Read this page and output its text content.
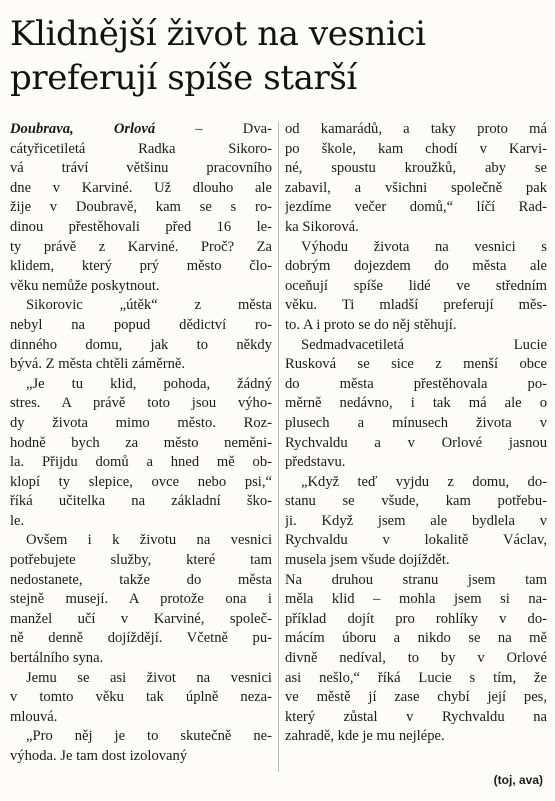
Klidnější život na vesnici
preferují spíše starší
Doubrava, Orlová – Dva-
cátyřicetiletá Radka Sikoro-
vá tráví většinu pracovního
dne v Karviné. Už dlouho ale
žije v Doubravě, kam se s ro-
dinou přestěhovali před 16 le-
ty právě z Karviné. Proč? Za
klidem, který prý město člo-
věku nemůže poskytnout.
Sikorovic „útěk“ z města
nebyl na popud dědictví ro-
dinného domu, jak to někdy
bývá. Z města chtěli záměrně.
„Je tu klid, pohoda, žádný
stres. A právě toto jsou výho-
dy života mimo město. Roz-
hodně bych za město neměni-
la. Přijdu domů a hned mě ob-
klopí ty slepice, ovce nebo psi,“
říká učitelka na základní ško-
le.
Ovšem i k životu na vesnici
potřebujete služby, které tam
nedostanete, takže do města
stejně musejí. A protože ona i
manžel učí v Karviné, společ-
ně denně dojíždějí. Včetně pu-
bertálního syna.
Jemu se asi život na vesnici
v tomto věku tak úplně neza-
mlouvá.
„Pro něj je to skutečně ne-
výhoda. Je tam dost izolovaný
od kamarádů, a taky proto má
po škole, kam chodí v Karvi-
né, spoustu kroužků, aby se
zabavil, a všichni společně pak
jezdíme večer domů,“ líčí Rad-
ka Sikorová.
Výhodu života na vesnici s
dobrým dojezdem do města ale
oceňují spíše lidé ve středním
věku. Ti mladší preferují měs-
to. A i proto se do něj stěhují.
Sedmadvacetiletá Lucie
Rusková se sice z menší obce
do města přestěhovala po-
měrně nedávno, i tak má ale o
plusech a mínusech života v
Rychvaldu a v Orlové jasnou
představu.
„Když teď vyjdu z domu, do-
stanu se všude, kam potřebu-
ji. Když jsem ale bydlela v
Rychvaldu v lokalitě Václav,
musela jsem všude dojíždět.
Na druhou stranu jsem tam
měla klid – mohla jsem si na-
příklad dojít pro rohlíky v do-
mácím úboru a nikdo se na mě
divně nedíval, to by v Orlové
asi nešlo,“ říká Lucie s tím, že
ve městě jí zase chybí její pes,
který zůstal v Rychvaldu na
zahradě, kde je mu nejlépe.
(toj, ava)
